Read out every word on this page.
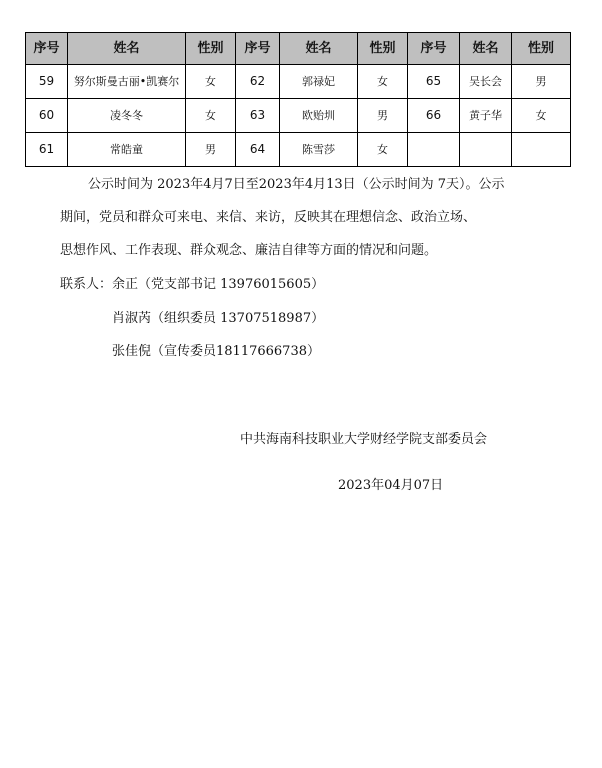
序号	姓名	性别	序号	姓名	性别	序号	姓名	性别
59	努尔斯曼古丽•凯赛尔	女	62	郭禄妃	女	65	吴长会	男
60	凌冬冬	女	63	欧贻圳	男	66	黄子华	女
61	常皓童	男	64	陈雪莎	女			
公示时间为 2023年4月7日至2023年4月13日（公示时间为 7天）。公示
期间，党员和群众可来电、来信、来访，反映其在理想信念、政治立场、
思想作风、工作表现、群众观念、廉洁自律等方面的情况和问题。
联系人： 余正（党支部书记 13976015605）
肖淑芮（组织委员 13707518987）
张佳倪（宣传委员18117666738）
中共海南科技职业大学财经学院支部委员会
2023年04月07日
